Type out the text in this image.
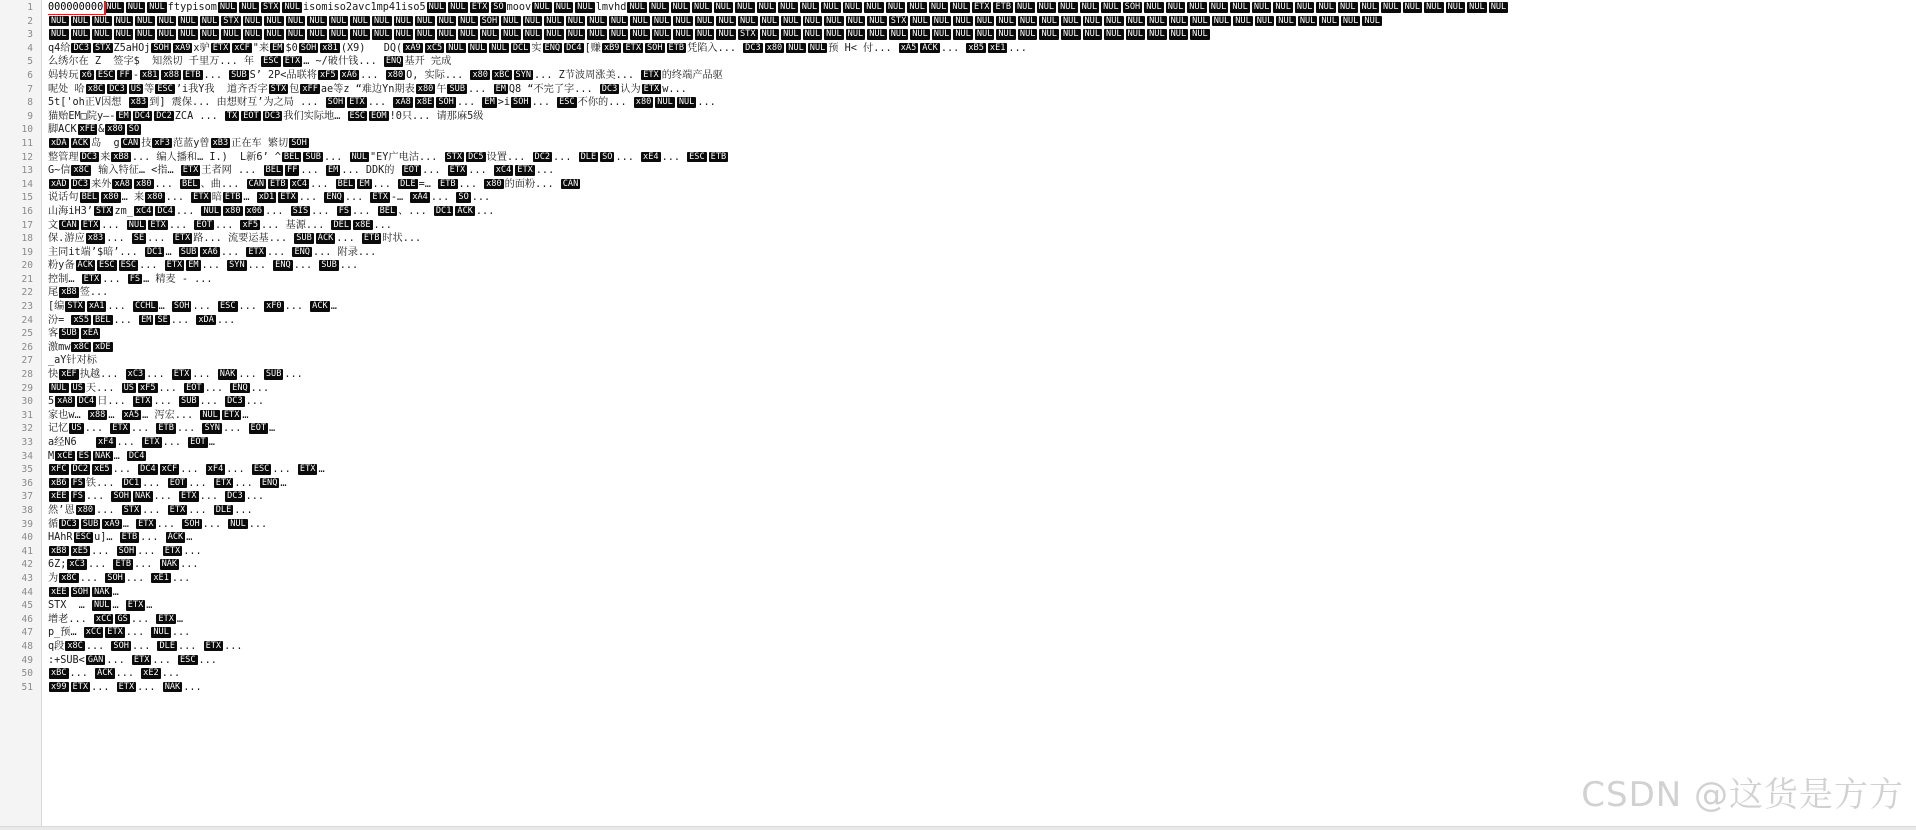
1
2
3
4
5
6
7
8
9
10
11
12
13
14
15
16
17
18
19
20
21
22
23
24
25
26
27
28
29
30
31
32
33
34
35
36
37
38
39
40
41
42
43
44
45
46
47
48
49
50
51
000000000 NUL NUL NUL ftypisom NUL NUL STX NUL isomiso2avc1mp41iso5 NUL NUL ETX SO moov NUL NUL NUL lmvhd NUL NUL NUL NUL NUL NUL NUL NUL NUL NUL NUL NUL NUL NUL NUL NUL ETX ETB NUL NUL NUL NUL NUL SOH NUL NUL NUL NUL NUL NUL NUL NUL NUL NUL NUL NUL NUL NUL NUL NUL NUL
NUL NUL NUL NUL NUL NUL NUL NUL STX NUL NUL NUL NUL NUL NUL NUL NUL NUL NUL NUL SOH NUL NUL NUL NUL NUL NUL NUL NUL NUL NUL NUL NUL NUL NUL NUL NUL NUL NUL STX NUL NUL NUL NUL NUL NUL NUL NUL NUL NUL NUL NUL NUL NUL NUL NUL NUL NUL NUL NUL NUL NUL
NUL NUL NUL NUL NUL NUL NUL NUL NUL NUL NUL NUL NUL NUL NUL NUL NUL NUL NUL NUL NUL NUL NUL NUL NUL NUL NUL NUL NUL NUL NUL NUL STX NUL NUL NUL NUL NUL NUL NUL NUL NUL NUL NUL NUL NUL NUL NUL NUL NUL NUL NUL NUL NUL
q4给 DC3 STX Z5aHOj SOH xA9 x驴 ETX xCF "来 EM $0 SOH x81 (X9)   DQ( xA9 xC5 NUL NUL NUL DCL 实 ENQ DC4 [赚 xB9 ETX SOH ETB 凭陷入... DC3 x80 NUL NUL 预 H< 付... xA5 ACK ... xB5 xE1 ...
么绣尔在 Z  签字$  知然切 千里万... 年 ESC ETX … ~/破什钱... ENQ 基开 完成
妈转玩 x6 ESC FF - x81 x88 ETB ... SUB S’ 2P<品联将 xF5 xA6 ... x80 O, 实际... x80 xBC SYN ... Z节波周涨美... ETX 的终端产品驱
呢处 哈 x8C DC3 US 等 ESC ’i我Y我  道齐否字 STX 包 xFF ae等z “难边Yn期表 x80 午 SUB ... EM Q8 “不完了字... DC3 认为 ETX w...
5t['oh正V因想 x83 到] 震保... 由想财互’为之局 ... SOH ETX ... xA8 x8E SOH ... EM >i SOH ... ESC 不你的... x80 NUL NUL ...
猫贻EM□院y‒- EM DC4 DC2 ZCA ... TX EOT DC3 我们实际地… ESC EOM !0只... 请那麻5级
脚ACK xFE & x80 SO
xDA ACK 岛  g CAN 技 xF3 范蓝y曾 xB3 正在车 繁切 SOH
整管理 DC3 来 xB8 ... 编人播和… I.)  L新6’ ^ BEL SUB ... NUL "EY广电沽... STX DC5 设置... DC2 ... DLE SO ... xE4 ... ESC ETB
G~信 x8C 输入特征… <指… ETX 王者网 ... BEL FF ... EM ... DDK的 EOT ... ETX ... xC4 ETX ...
xAD DC3 来外 xA8 x80 ... BEL 、曲... CAN ETB xC4 ... BEL EM ... DLE =… ETB ... x80 的面粉... CAN
说话句 BEL x80 … 来 x80 ... ETX 暗 ETB … xD1 ETX ... ENQ ... ETX -… xA4 ... SO ...
山海iH3’ STX zm_ xC4 DC4 ... NUL x80 x06 ... SIS ... FS ... BEL 、... DC1 ACK ...
文 CAN ETX ... NUL ETX ... EOT ... xF5 ... 基源... DEL x8E ...
保.游应 x83 ... SE ... ETX 路... 流要运基... SUB ACK ... ETB 时状...
主同it端’$暗’... DC1 … SUB xA6 ... ETX ... ENQ ... 附录...
粉y备 ACK ESC ESC ... ETX EM ... SYN ... ENQ ... SUB ...
控制… ETX ... FS … 精麦 - ...
尾 xB8 签...
[编 STX xA1 ... CCHL … SOH ... ESC ... xF0 ... ACK …
汾= xS5 BEL ... EM SE ... xDA ...
客 SUB xEA
激mw x8C xDE
_aY针对标
快 xEF 执越... xC3 ... ETX ... NAK ... SUB ...
NUL US 天... US xF5 ... EOT ... ENQ ...
5 xA8 DC4 日... ETX ... SUB ... DC3 ...
家也w… x88 … xA5 … 泻宏... NUL ETX …
记忆 US ... ETX ... ETB ... SYN ... EOT …
a经N6   xF4 ... ETX ... EOT …
M xCE ES NAK … DC4
xFC DC2 xE5 ... DC4 xCF ... xF4 ... ESC ... ETX …
xB6 FS 铁... DC1 ... EOT ... ETX ... ENQ …
xEE FS ... SOH NAK ... ETX ... DC3 ...
然’恩 x80 ... STX ... ETX ... DLE ...
循 DC3 SUB xA9 … ETX ... SOH ... NUL ...
HAhR ESC u]… ETB ... ACK …
xB8 xE5 ... SOH ... ETX ...
6Z; xC3 ... ETB ... NAK ...
为 x8C ... SOH ... xE1 ...
xEE SOH NAK …
STX  … NUL … ETX …
增老... xCC GS ... ETX …
p_预… xCC ETX ... NUL ...
q段 x8C ... SOH ... DLE ... ETX ...
:+SUB< GAN ... ETX ... ESC ...
xBC ... ACK ... xE2 ...
x99 ETX ... ETX ... NAK ...
CSDN @这货是方方
